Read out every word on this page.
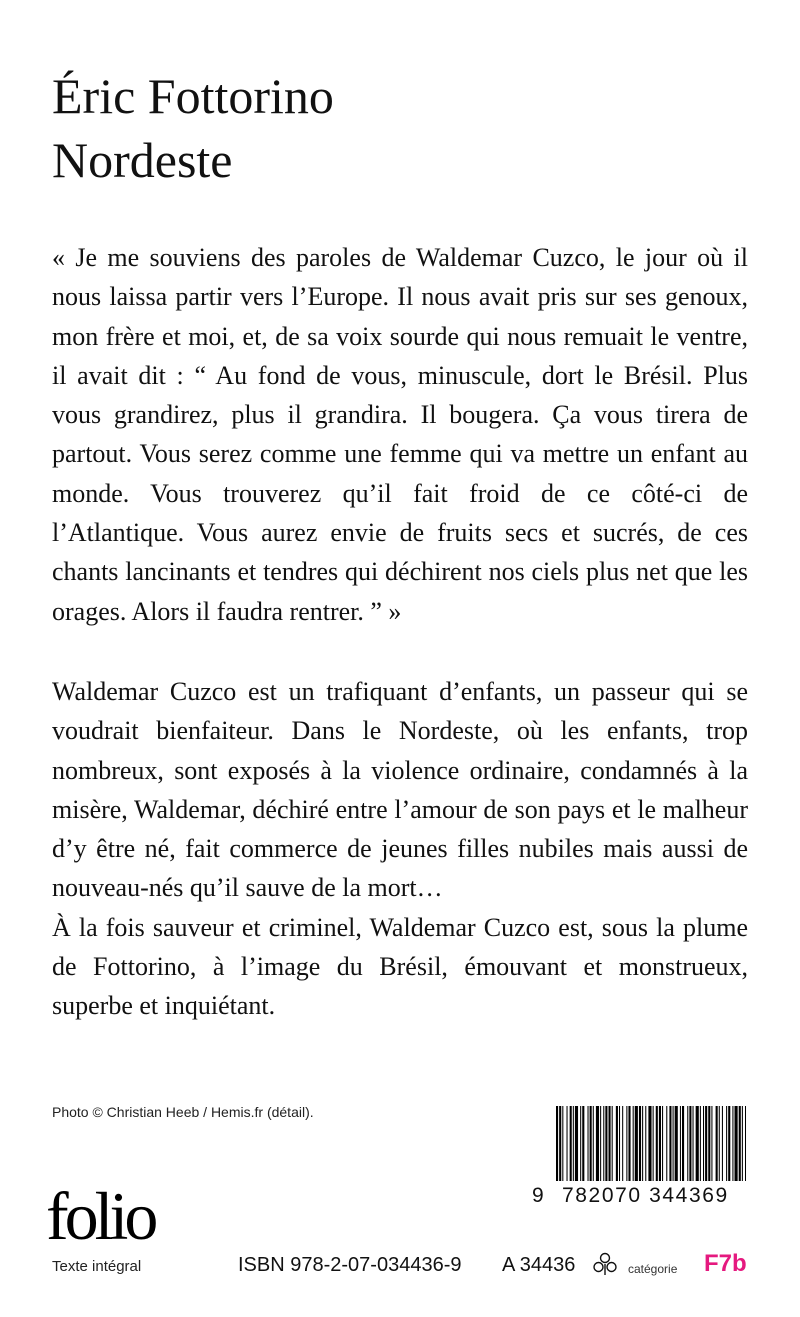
Éric Fottorino
Nordeste

« Je me souviens des paroles de Waldemar Cuzco, le jour où il nous laissa partir vers l’Europe. Il nous avait pris sur ses genoux, mon frère et moi, et, de sa voix sourde qui nous remuait le ventre, il avait dit : “ Au fond de vous, minuscule, dort le Brésil. Plus vous grandirez, plus il grandira. Il bougera. Ça vous tirera de partout. Vous serez comme une femme qui va mettre un enfant au monde. Vous trouverez qu’il fait froid de ce côté-ci de l’Atlantique. Vous aurez envie de fruits secs et sucrés, de ces chants lancinants et tendres qui déchirent nos ciels plus net que les orages. Alors il faudra rentrer. ” »

Waldemar Cuzco est un trafiquant d’enfants, un passeur qui se voudrait bienfaiteur. Dans le Nordeste, où les enfants, trop nombreux, sont exposés à la violence ordinaire, condamnés à la misère, Waldemar, déchiré entre l’amour de son pays et le malheur d’y être né, fait commerce de jeunes filles nubiles mais aussi de nouveau-nés qu’il sauve de la mort…

À la fois sauveur et criminel, Waldemar Cuzco est, sous la plume de Fottorino, à l’image du Brésil, émouvant et monstrueux, superbe et inquiétant.

Photo © Christian Heeb / Hemis.fr (détail).
9 782070 344369
folio
Texte intégral	ISBN 978-2-07-034436-9 A 34436	catégorie F7b
